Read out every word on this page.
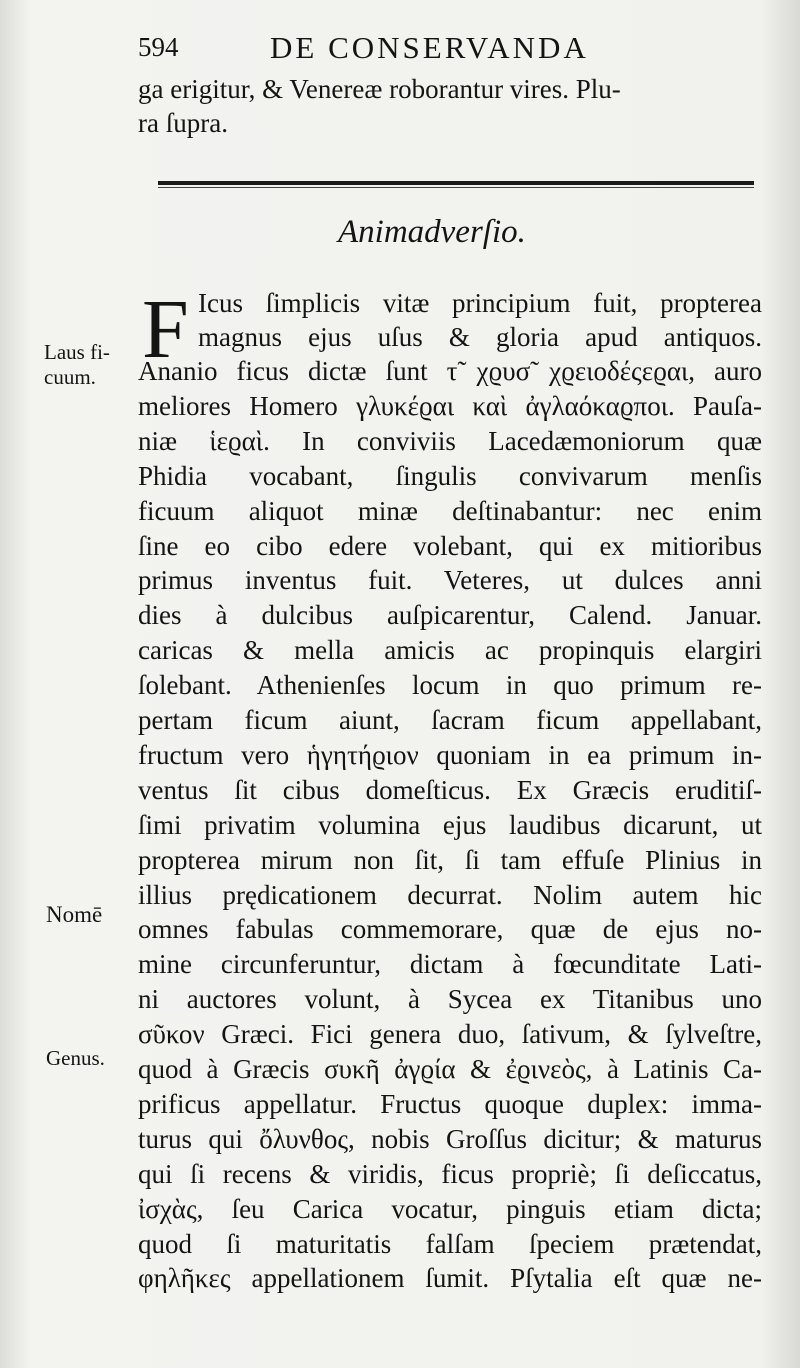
594	DE CONSERVANDA
ga erigitur, & Venereæ roborantur vires. Plu-
ra ſupra.
Animadverſio.
F Icus ſimplicis vitæ principium fuit, propterea
magnus ejus uſus & gloria apud antiquos.
Ananio ficus dictæ ſunt τ̃ χϱυσ̃ χϱειοδέςεϱαι, auro
meliores Homero γλυκέϱαι καὶ ἀγλαόκαϱποι. Pauſa-
niæ ἱεϱαὶ. In conviviis Lacedæmoniorum quæ
Phidia vocabant, ſingulis convivarum menſis
ficuum aliquot minæ deſtinabantur: nec enim
ſine eo cibo edere volebant, qui ex mitioribus
primus inventus fuit. Veteres, ut dulces anni
dies à dulcibus auſpicarentur, Calend. Januar.
caricas & mella amicis ac propinquis elargiri
ſolebant. Athenienſes locum in quo primum re-
pertam ficum aiunt, ſacram ficum appellabant,
fructum vero ἡγητήϱιον quoniam in ea primum in-
ventus ſit cibus domeſticus. Ex Græcis eruditiſ-
ſimi privatim volumina ejus laudibus dicarunt, ut
propterea mirum non ſit, ſi tam effuſe Plinius in
illius prędicationem decurrat. Nolim autem hic
omnes fabulas commemorare, quæ de ejus no-
mine circunferuntur, dictam à fœcunditate Lati-
ni auctores volunt, à Sycea ex Titanibus uno
σῦκον Græci. Fici genera duo, ſativum, & ſylveſtre,
quod à Græcis συκῆ ἀγϱία & ἐϱινεὸς, à Latinis Ca-
prificus appellatur. Fructus quoque duplex: imma-
turus qui ὄλυνθος, nobis Groſſus dicitur; & maturus
qui ſi recens & viridis, ficus propriè; ſi deſiccatus,
ἰσχὰς, ſeu Carica vocatur, pinguis etiam dicta;
quod ſi maturitatis falſam ſpeciem prætendat,
φηλῆκες appellationem ſumit. Pſytalia eſt quæ ne-
Laus fi-
cuum.
Nomē
Genus.
